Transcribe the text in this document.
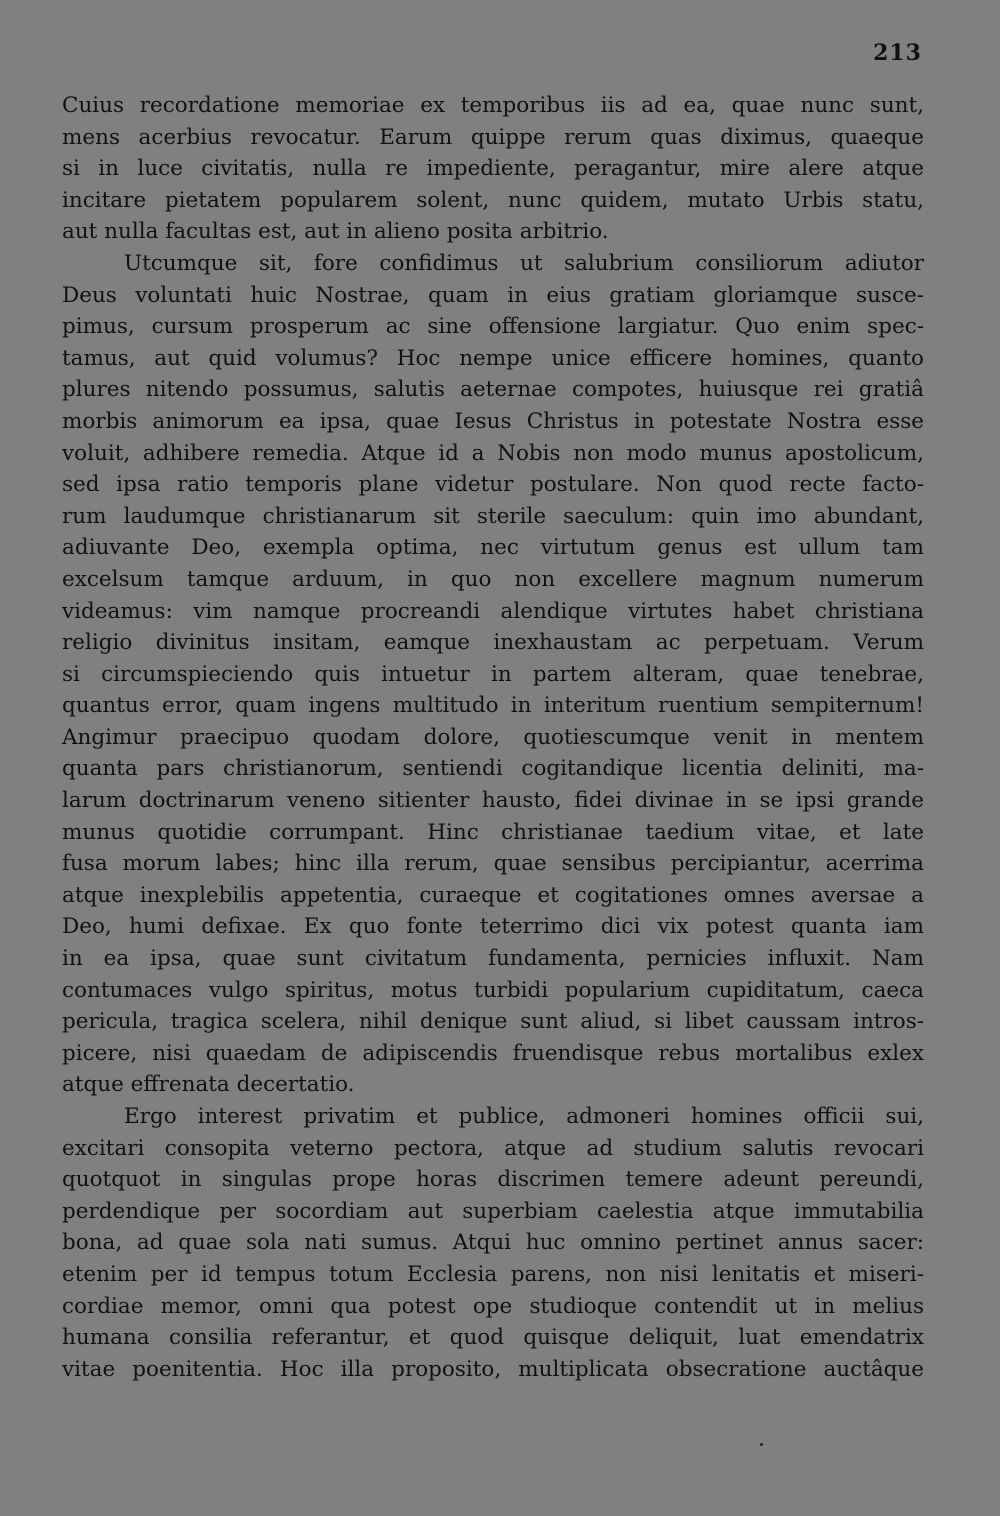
213
Cuius recordatione memoriae ex temporibus iis ad ea, quae nunc sunt,
mens acerbius revocatur. Earum quippe rerum quas diximus, quaeque
si in luce civitatis, nulla re impediente, peragantur, mire alere atque
incitare pietatem popularem solent, nunc quidem, mutato Urbis statu,
aut nulla facultas est, aut in alieno posita arbitrio.
Utcumque sit, fore confidimus ut salubrium consiliorum adiutor
Deus voluntati huic Nostrae, quam in eius gratiam gloriamque susce-
pimus, cursum prosperum ac sine offensione largiatur. Quo enim spec-
tamus, aut quid volumus? Hoc nempe unice efficere homines, quanto
plures nitendo possumus, salutis aeternae compotes, huiusque rei gratiâ
morbis animorum ea ipsa, quae Iesus Christus in potestate Nostra esse
voluit, adhibere remedia. Atque id a Nobis non modo munus apostolicum,
sed ipsa ratio temporis plane videtur postulare. Non quod recte facto-
rum laudumque christianarum sit sterile saeculum: quin imo abundant,
adiuvante Deo, exempla optima, nec virtutum genus est ullum tam
excelsum tamque arduum, in quo non excellere magnum numerum
videamus: vim namque procreandi alendique virtutes habet christiana
religio divinitus insitam, eamque inexhaustam ac perpetuam. Verum
si circumspieciendo quis intuetur in partem alteram, quae tenebrae,
quantus error, quam ingens multitudo in interitum ruentium sempiternum!
Angimur praecipuo quodam dolore, quotiescumque venit in mentem
quanta pars christianorum, sentiendi cogitandique licentia deliniti, ma-
larum doctrinarum veneno sitienter hausto, fidei divinae in se ipsi grande
munus quotidie corrumpant. Hinc christianae taedium vitae, et late
fusa morum labes; hinc illa rerum, quae sensibus percipiantur, acerrima
atque inexplebilis appetentia, curaeque et cogitationes omnes aversae a
Deo, humi defixae. Ex quo fonte teterrimo dici vix potest quanta iam
in ea ipsa, quae sunt civitatum fundamenta, pernicies influxit. Nam
contumaces vulgo spiritus, motus turbidi popularium cupiditatum, caeca
pericula, tragica scelera, nihil denique sunt aliud, si libet caussam intros-
picere, nisi quaedam de adipiscendis fruendisque rebus mortalibus exlex
atque effrenata decertatio.
Ergo interest privatim et publice, admoneri homines officii sui,
excitari consopita veterno pectora, atque ad studium salutis revocari
quotquot in singulas prope horas discrimen temere adeunt pereundi,
perdendique per socordiam aut superbiam caelestia atque immutabilia
bona, ad quae sola nati sumus. Atqui huc omnino pertinet annus sacer:
etenim per id tempus totum Ecclesia parens, non nisi lenitatis et miseri-
cordiae memor, omni qua potest ope studioque contendit ut in melius
humana consilia referantur, et quod quisque deliquit, luat emendatrix
vitae poenitentia. Hoc illa proposito, multiplicata obsecratione auctâque
